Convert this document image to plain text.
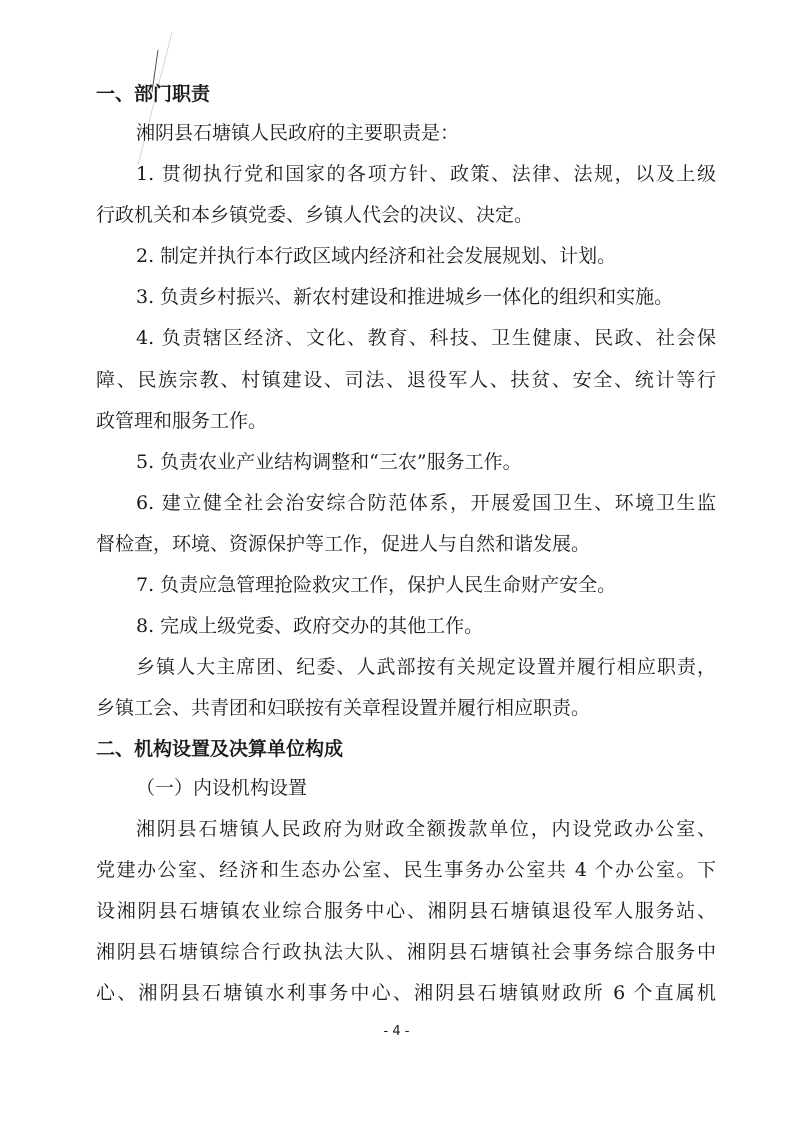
一、部门职责
湘阴县石塘镇人民政府的主要职责是：
1. 贯彻执行党和国家的各项方针、政策、法律、法规，以及上级
行政机关和本乡镇党委、乡镇人代会的决议、决定。
2. 制定并执行本行政区域内经济和社会发展规划、计划。
3. 负责乡村振兴、新农村建设和推进城乡一体化的组织和实施。
4. 负责辖区经济、文化、教育、科技、卫生健康、民政、社会保
障、民族宗教、村镇建设、司法、退役军人、扶贫、安全、统计等行
政管理和服务工作。
5. 负责农业产业结构调整和“三农”服务工作。
6. 建立健全社会治安综合防范体系，开展爱国卫生、环境卫生监
督检查，环境、资源保护等工作，促进人与自然和谐发展。
7. 负责应急管理抢险救灾工作，保护人民生命财产安全。
8. 完成上级党委、政府交办的其他工作。
乡镇人大主席团、纪委、人武部按有关规定设置并履行相应职责，
乡镇工会、共青团和妇联按有关章程设置并履行相应职责。
二、机构设置及决算单位构成
（一）内设机构设置
湘阴县石塘镇人民政府为财政全额拨款单位，内设党政办公室、
党建办公室、经济和生态办公室、民生事务办公室共 4 个办公室。下
设湘阴县石塘镇农业综合服务中心、湘阴县石塘镇退役军人服务站、
湘阴县石塘镇综合行政执法大队、湘阴县石塘镇社会事务综合服务中
心、湘阴县石塘镇水利事务中心、湘阴县石塘镇财政所 6 个直属机
- 4 -
